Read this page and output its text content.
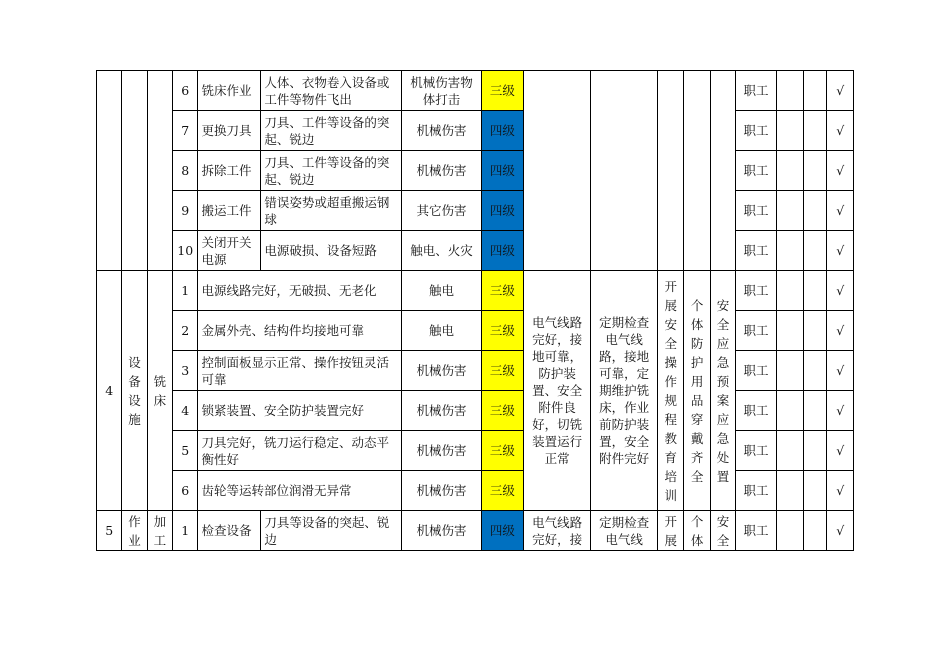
			6	铣床作业	人体、衣物卷入设备或工件等物件飞出	机械伤害物体打击	三级						职工			√
			7	更换刀具	刀具、工件等设备的突起、锐边	机械伤害	四级						职工			√
			8	拆除工件	刀具、工件等设备的突起、锐边	机械伤害	四级						职工			√
			9	搬运工件	错误姿势或超重搬运钢球	其它伤害	四级						职工			√
			10	关闭开关电源	电源破损、设备短路	触电、火灾	四级						职工			√
4	设备设施	铣床	1	电源线路完好，无破损、无老化		触电	三级	电气线路完好，接地可靠，防护装置、安全附件良好，切铣装置运行正常	定期检查电气线路，接地可靠，定期维护铣床，作业前防护装置，安全附件完好	开展安全操作规程教育培训	个体防护用品穿戴齐全	安全应急预案应急处置	职工			√
			2	金属外壳、结构件均接地可靠		触电	三级						职工			√
			3	控制面板显示正常、操作按钮灵活可靠		机械伤害	三级						职工			√
			4	锁紧装置、安全防护装置完好		机械伤害	三级						职工			√
			5	刀具完好，铣刀运行稳定、动态平衡性好		机械伤害	三级						职工			√
			6	齿轮等运转部位润滑无异常		机械伤害	三级						职工			√
5	作业	加工	1	检查设备	刀具等设备的突起、锐边	机械伤害	四级	电气线路完好，接	定期检查电气线	开展	个体	安全	职工			√
